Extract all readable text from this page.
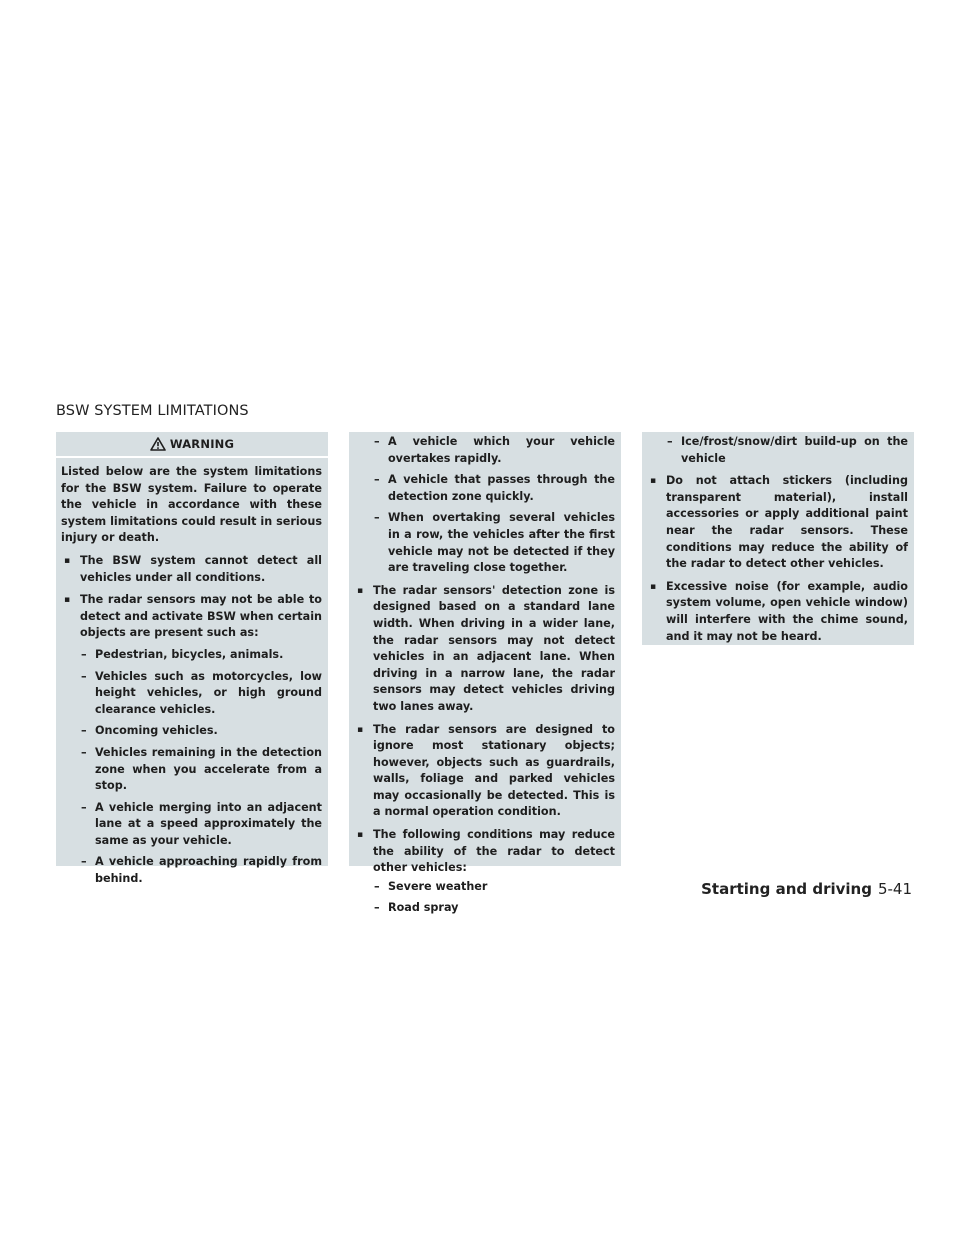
BSW SYSTEM LIMITATIONS
WARNING

Listed below are the system limitations for the BSW system. Failure to operate the vehicle in accordance with these system limitations could result in serious injury or death.

▪ The BSW system cannot detect all vehicles under all conditions.
▪ The radar sensors may not be able to detect and activate BSW when certain objects are present such as:
– Pedestrian, bicycles, animals.
– Vehicles such as motorcycles, low height vehicles, or high ground clearance vehicles.
– Oncoming vehicles.
– Vehicles remaining in the detection zone when you accelerate from a stop.
– A vehicle merging into an adjacent lane at a speed approximately the same as your vehicle.
– A vehicle approaching rapidly from behind.
– A vehicle which your vehicle overtakes rapidly.
– A vehicle that passes through the detection zone quickly.
– When overtaking several vehicles in a row, the vehicles after the first vehicle may not be detected if they are traveling close together.
▪ The radar sensors' detection zone is designed based on a standard lane width. When driving in a wider lane, the radar sensors may not detect vehicles in an adjacent lane. When driving in a narrow lane, the radar sensors may detect vehicles driving two lanes away.
▪ The radar sensors are designed to ignore most stationary objects; however, objects such as guardrails, walls, foliage and parked vehicles may occasionally be detected. This is a normal operation condition.
▪ The following conditions may reduce the ability of the radar to detect other vehicles:
– Severe weather
– Road spray
– Ice/frost/snow/dirt build-up on the vehicle
▪ Do not attach stickers (including transparent material), install accessories or apply additional paint near the radar sensors. These conditions may reduce the ability of the radar to detect other vehicles.
▪ Excessive noise (for example, audio system volume, open vehicle window) will interfere with the chime sound, and it may not be heard.
Starting and driving 5-41
